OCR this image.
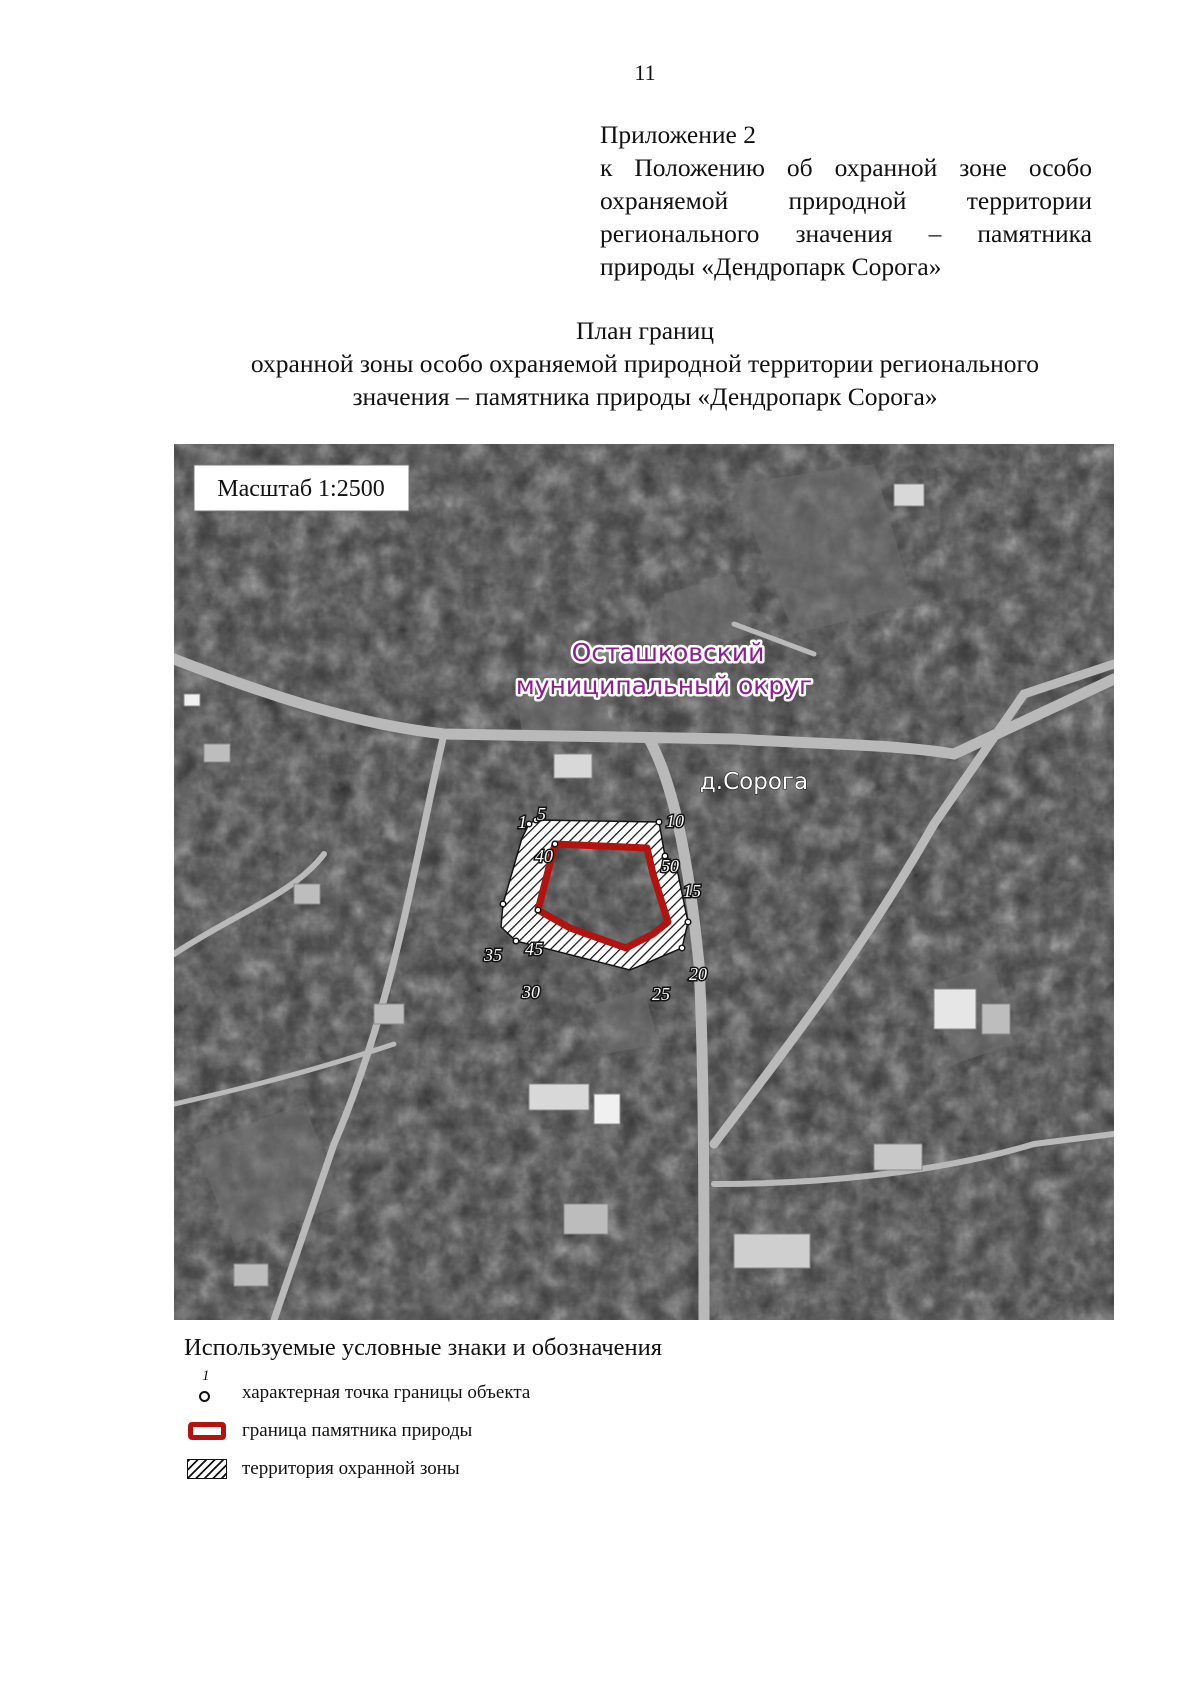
11
Приложение 2
к Положению об охранной зоне особо
охраняемой природной территории
регионального значения – памятника
природы «Дендропарк Сорога»
План границ
охранной зоны особо охраняемой природной территории регионального
значения – памятника природы «Дендропарк Сорога»
1 5	10
50
40
15
20
25
30
35 45
Осташковский
муниципальный округ
д.Сорога
Масштаб 1:2500
Используемые условные знаки и обозначения
1
характерная точка границы объекта
граница памятника природы
территория охранной зоны
